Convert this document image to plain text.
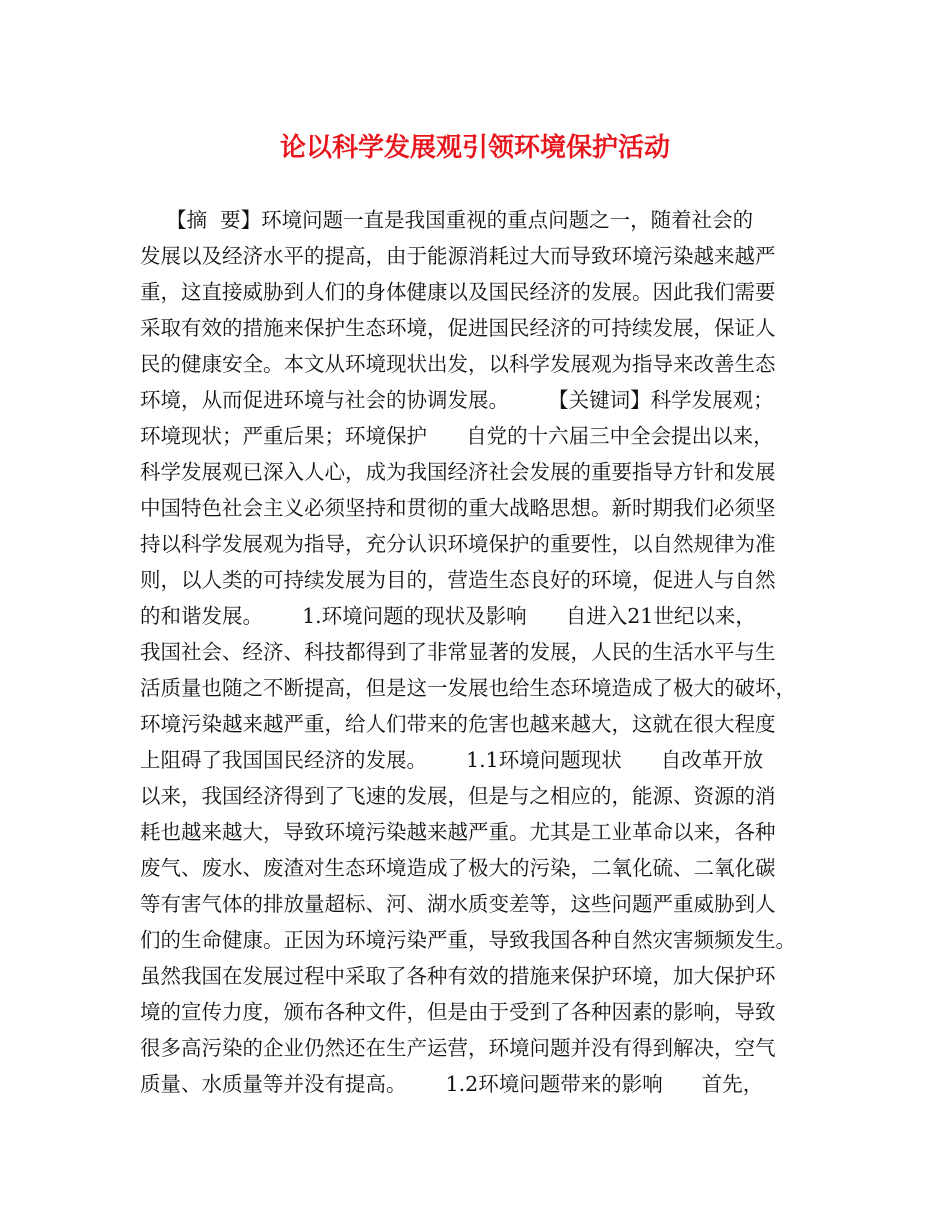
论以科学发展观引领环境保护活动
【摘  要】环境问题一直是我国重视的重点问题之一，随着社会的
发展以及经济水平的提高，由于能源消耗过大而导致环境污染越来越严
重，这直接威胁到人们的身体健康以及国民经济的发展。因此我们需要
采取有效的措施来保护生态环境，促进国民经济的可持续发展，保证人
民的健康安全。本文从环境现状出发，以科学发展观为指导来改善生态
环境，从而促进环境与社会的协调发展。      【关键词】科学发展观；
环境现状；严重后果；环境保护      自党的十六届三中全会提出以来，
科学发展观已深入人心，成为我国经济社会发展的重要指导方针和发展
中国特色社会主义必须坚持和贯彻的重大战略思想。新时期我们必须坚
持以科学发展观为指导，充分认识环境保护的重要性，以自然规律为准
则，以人类的可持续发展为目的，营造生态良好的环境，促进人与自然
的和谐发展。      1.环境问题的现状及影响      自进入21世纪以来，
我国社会、经济、科技都得到了非常显著的发展，人民的生活水平与生
活质量也随之不断提高，但是这一发展也给生态环境造成了极大的破坏，
环境污染越来越严重，给人们带来的危害也越来越大，这就在很大程度
上阻碍了我国国民经济的发展。      1.1环境问题现状      自改革开放
以来，我国经济得到了飞速的发展，但是与之相应的，能源、资源的消
耗也越来越大，导致环境污染越来越严重。尤其是工业革命以来，各种
废气、废水、废渣对生态环境造成了极大的污染，二氧化硫、二氧化碳
等有害气体的排放量超标、河、湖水质变差等，这些问题严重威胁到人
们的生命健康。正因为环境污染严重，导致我国各种自然灾害频频发生。
虽然我国在发展过程中采取了各种有效的措施来保护环境，加大保护环
境的宣传力度，颁布各种文件，但是由于受到了各种因素的影响，导致
很多高污染的企业仍然还在生产运营，环境问题并没有得到解决，空气
质量、水质量等并没有提高。      1.2环境问题带来的影响      首先，
